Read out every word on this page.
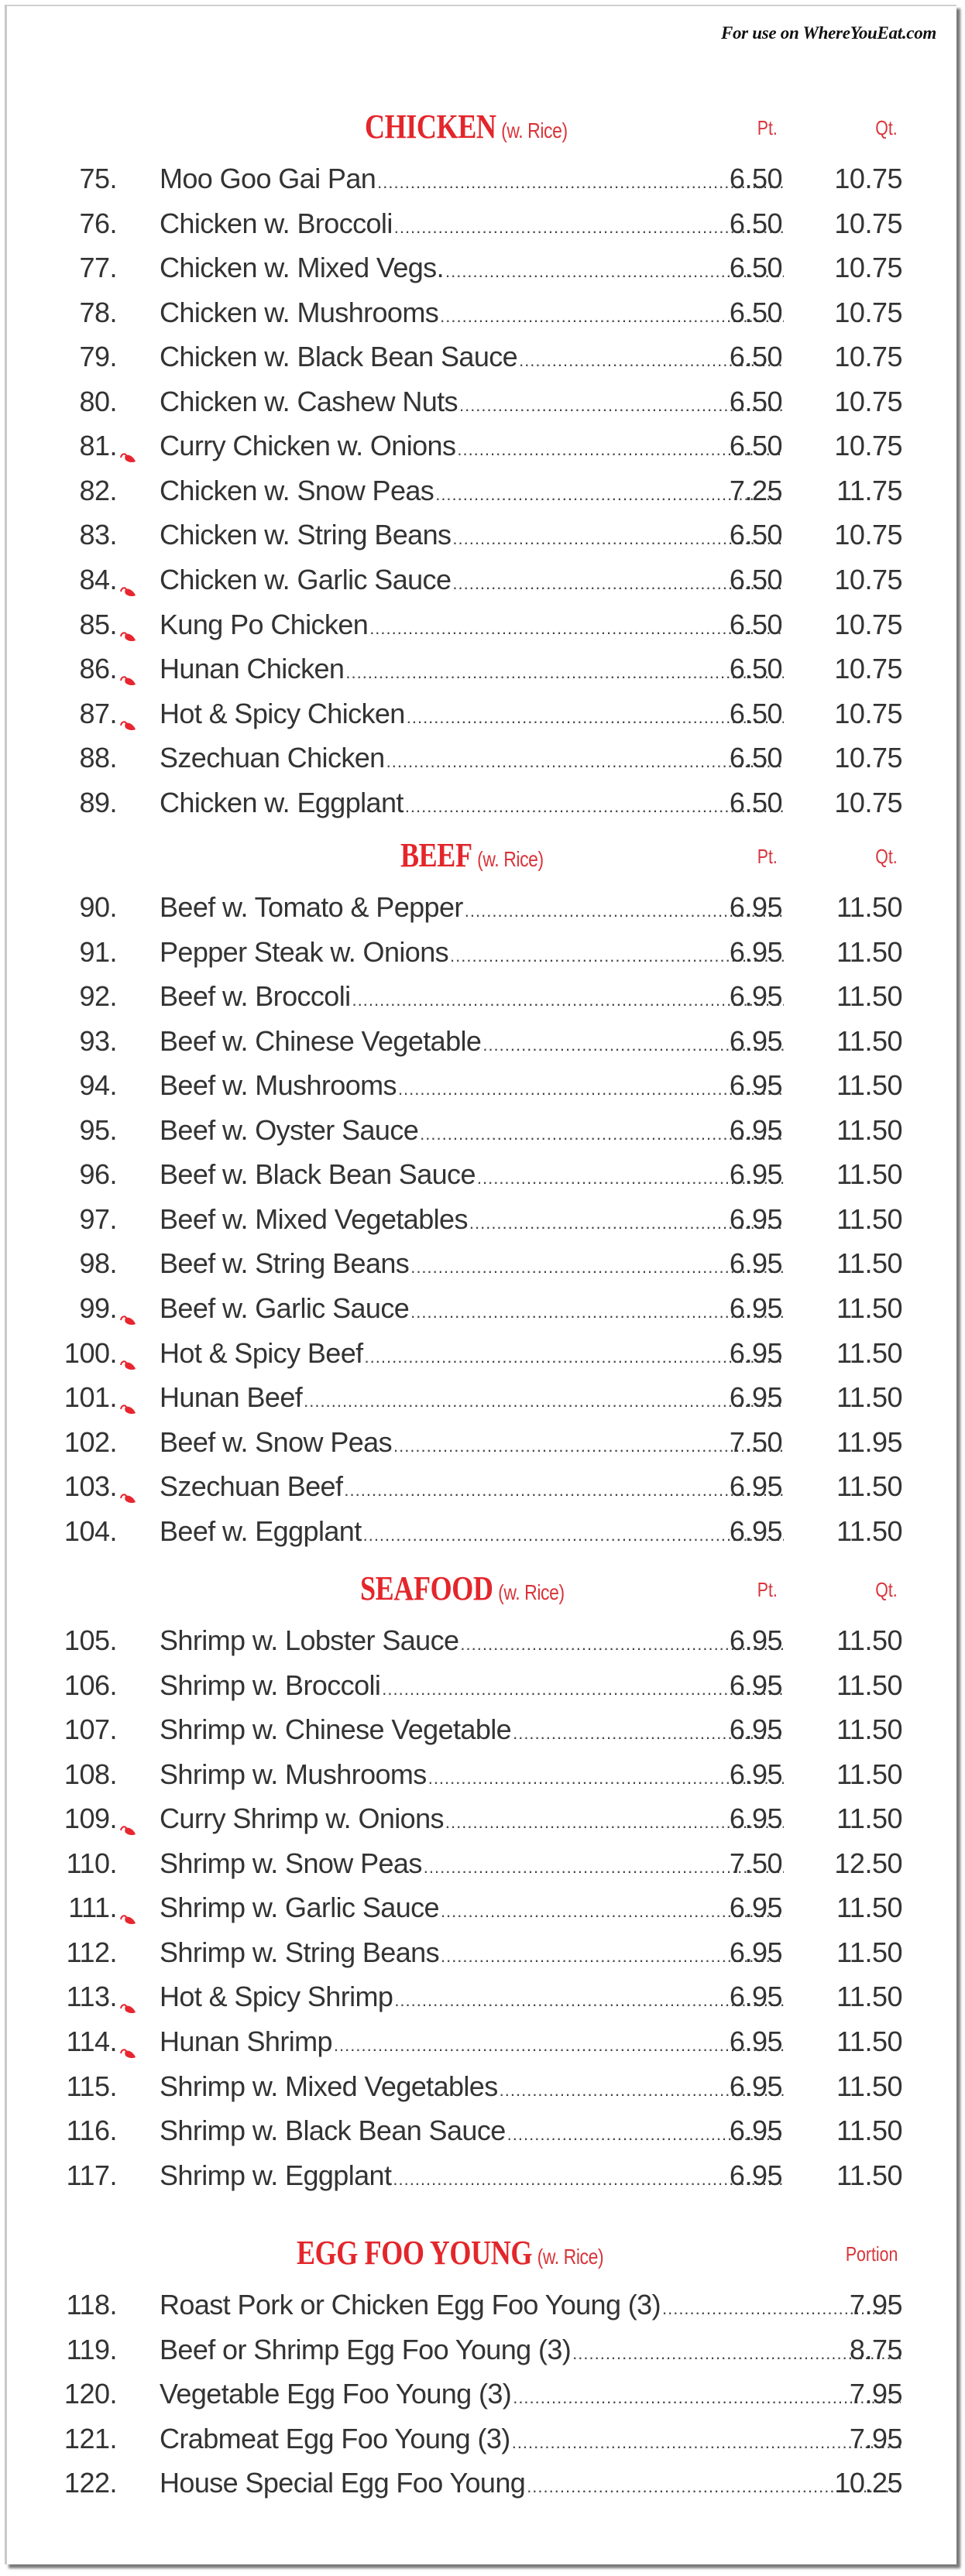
For use on WhereYouEat.com
CHICKEN (w. Rice)	Pt.	Qt.
75. Moo Goo Gai Pan .....	6.50 10.75
76. Chicken w. Broccoli .....	6.50 10.75
77. Chicken w. Mixed Vegs. .....	6.50 10.75
78. Chicken w. Mushrooms .....	6.50 10.75
79. Chicken w. Black Bean Sauce .....	6.50 10.75
80. Chicken w. Cashew Nuts .....	6.50 10.75
81. Curry Chicken w. Onions .....	6.50 10.75
82. Chicken w. Snow Peas .....	7.25 11.75
83. Chicken w. String Beans .....	6.50 10.75
84. Chicken w. Garlic Sauce .....	6.50 10.75
85. Kung Po Chicken .....	6.50 10.75
86. Hunan Chicken .....	6.50 10.75
87. Hot & Spicy Chicken .....	6.50 10.75
88. Szechuan Chicken .....	6.50 10.75
89. Chicken w. Eggplant .....	6.50 10.75
BEEF (w. Rice)	Pt.	Qt.
90. Beef w. Tomato & Pepper .....	6.95 11.50
91. Pepper Steak w. Onions .....	6.95 11.50
92. Beef w. Broccoli .....	6.95 11.50
93. Beef w. Chinese Vegetable .....	6.95 11.50
94. Beef w. Mushrooms .....	6.95 11.50
95. Beef w. Oyster Sauce .....	6.95 11.50
96. Beef w. Black Bean Sauce .....	6.95 11.50
97. Beef w. Mixed Vegetables .....	6.95 11.50
98. Beef w. String Beans .....	6.95 11.50
99. Beef w. Garlic Sauce .....	6.95 11.50
100. Hot & Spicy Beef .....	6.95 11.50
101. Hunan Beef .....	6.95 11.50
102. Beef w. Snow Peas .....	7.50 11.95
103. Szechuan Beef .....	6.95 11.50
104. Beef w. Eggplant .....	6.95 11.50
SEAFOOD (w. Rice)	Pt.	Qt.
105. Shrimp w. Lobster Sauce .....	6.95 11.50
106. Shrimp w. Broccoli .....	6.95 11.50
107. Shrimp w. Chinese Vegetable .....	6.95 11.50
108. Shrimp w. Mushrooms .....	6.95 11.50
109. Curry Shrimp w. Onions .....	6.95 11.50
110. Shrimp w. Snow Peas .....	7.50 12.50
111. Shrimp w. Garlic Sauce .....	6.95 11.50
112. Shrimp w. String Beans .....	6.95 11.50
113. Hot & Spicy Shrimp .....	6.95 11.50
114. Hunan Shrimp .....	6.95 11.50
115. Shrimp w. Mixed Vegetables .....	6.95 11.50
116. Shrimp w. Black Bean Sauce .....	6.95 11.50
117. Shrimp w. Eggplant .....	6.95 11.50
EGG FOO YOUNG (w. Rice)	Portion
118. Roast Pork or Chicken Egg Foo Young (3) .....	7.95
119. Beef or Shrimp Egg Foo Young (3) .....	8.75
120. Vegetable Egg Foo Young (3) .....	7.95
121. Crabmeat Egg Foo Young (3) .....	7.95
122. House Special Egg Foo Young .....	10.25
